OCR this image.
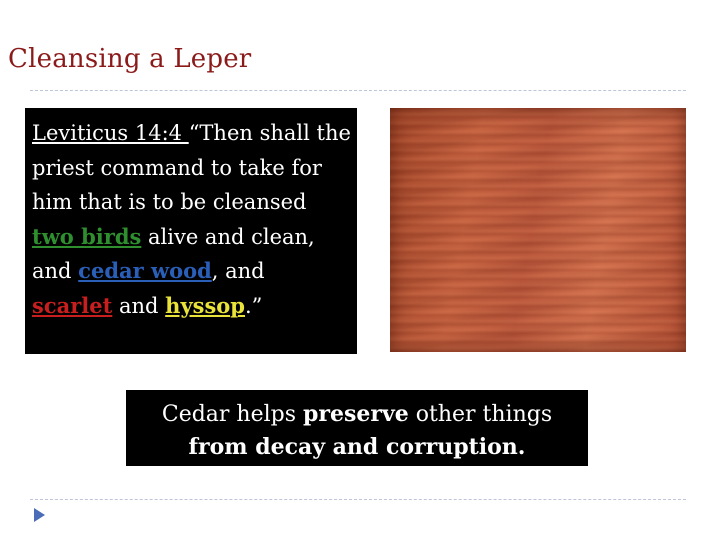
Cleansing a Leper
Leviticus 14:4 “Then shall the priest command to take for him that is to be cleansed two birds alive and clean, and cedar wood, and scarlet and hyssop.”
Cedar helps preserve other things
from decay and corruption.
